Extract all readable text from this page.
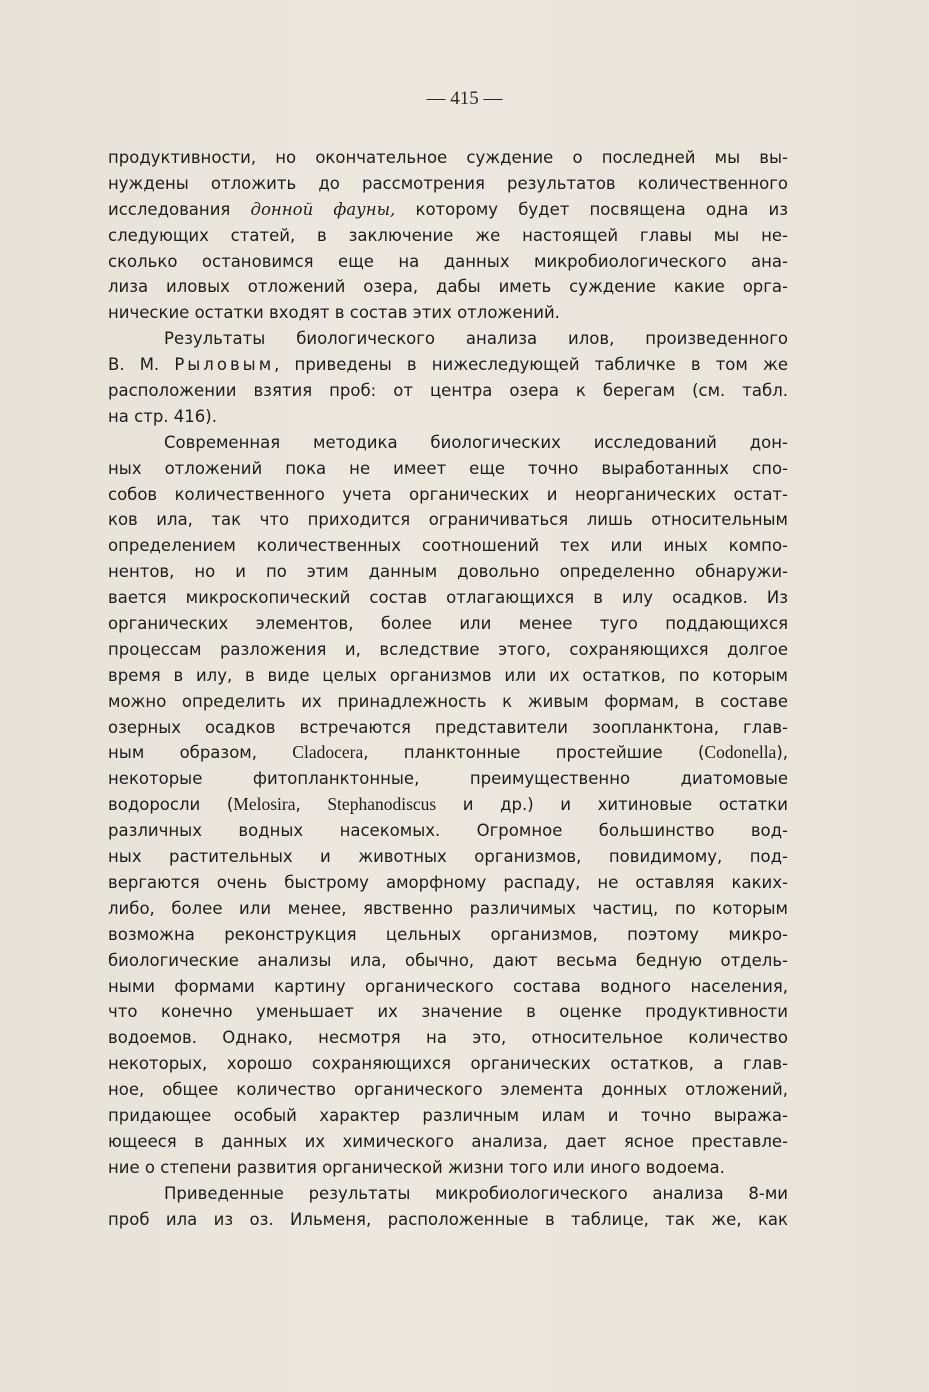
— 415 —
продуктивности, но окончательное суждение о последней мы вы-
нуждены отложить до рассмотрения результатов количественного
исследования донной фауны, которому будет посвящена одна из
следующих статей, в заключение же настоящей главы мы не-
сколько остановимся еще на данных микробиологического ана-
лиза иловых отложений озера, дабы иметь суждение какие орга-
нические остатки входят в состав этих отложений.
Результаты биологического анализа илов, произведенного
В. М. Рыловым, приведены в нижеследующей табличке в том же
расположении взятия проб: от центра озера к берегам (см. табл.
на стр. 416).
Современная методика биологических исследований дон-
ных отложений пока не имеет еще точно выработанных спо-
собов количественного учета органических и неорганических остат-
ков ила, так что приходится ограничиваться лишь относительным
определением количественных соотношений тех или иных компо-
нентов, но и по этим данным довольно определенно обнаружи-
вается микроскопический состав отлагающихся в илу осадков. Из
органических элементов, более или менее туго поддающихся
процессам разложения и, вследствие этого, сохраняющихся долгое
время в илу, в виде целых организмов или их остатков, по которым
можно определить их принадлежность к живым формам, в составе
озерных осадков встречаются представители зоопланктона, глав-
ным образом, Cladocera, планктонные простейшие (Codonella),
некоторые фитопланктонные, преимущественно диатомовые
водоросли (Melosira, Stephanodiscus и др.) и хитиновые остатки
различных водных насекомых. Огромное большинство вод-
ных растительных и животных организмов, повидимому, под-
вергаются очень быстрому аморфному распаду, не оставляя каких-
либо, более или менее, явственно различимых частиц, по которым
возможна реконструкция цельных организмов, поэтому микро-
биологические анализы ила, обычно, дают весьма бедную отдель-
ными формами картину органического состава водного населения,
что конечно уменьшает их значение в оценке продуктивности
водоемов. Однако, несмотря на это, относительное количество
некоторых, хорошо сохраняющихся органических остатков, а глав-
ное, общее количество органического элемента донных отложений,
придающее особый характер различным илам и точно выража-
ющееся в данных их химического анализа, дает ясное преставле-
ние о степени развития органической жизни того или иного водоема.
Приведенные результаты микробиологического анализа 8-ми
проб ила из оз. Ильменя, расположенные в таблице, так же, как
